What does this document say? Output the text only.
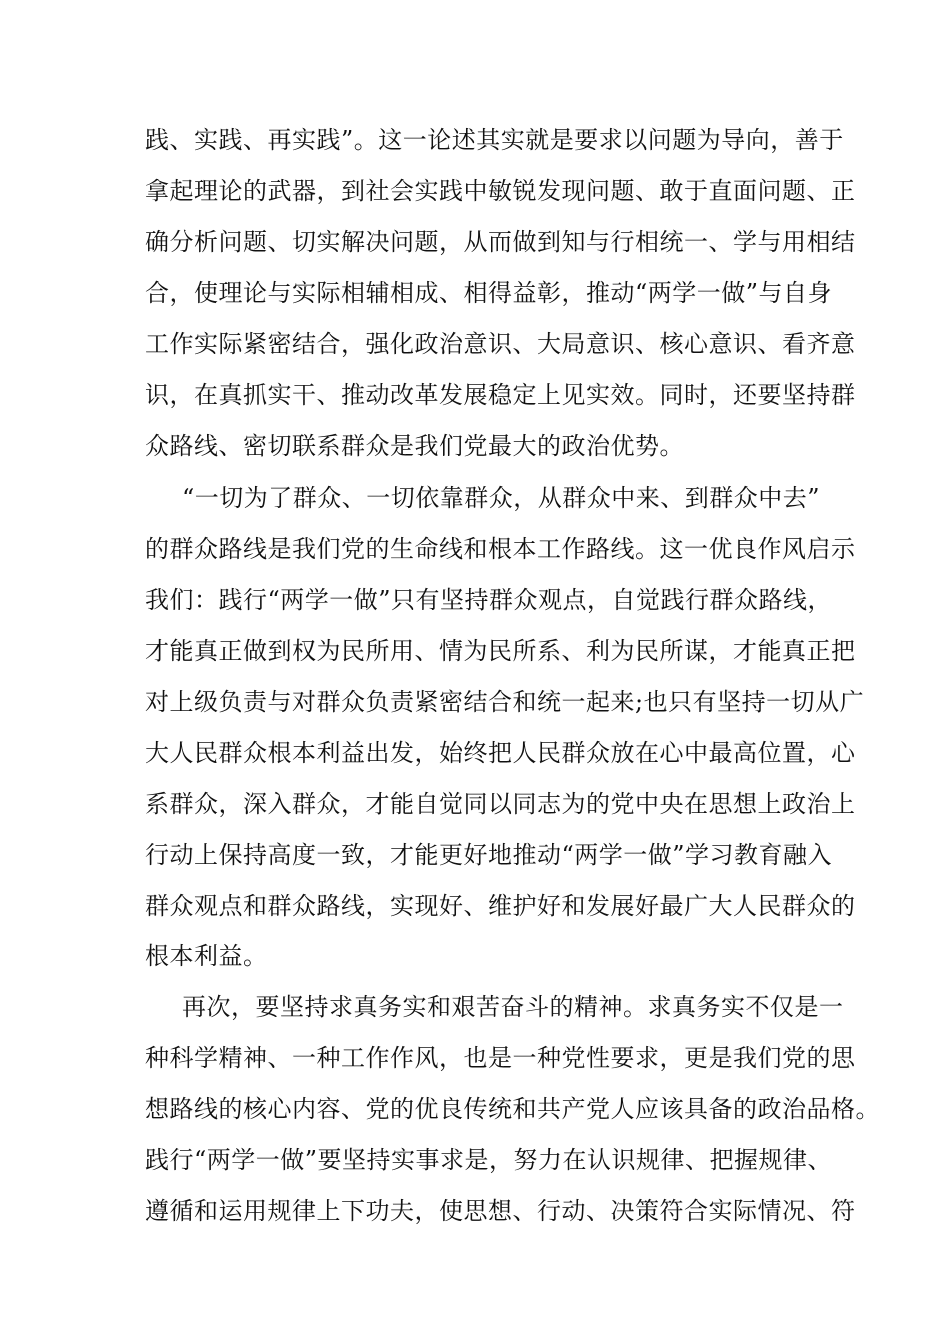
践、实践、再实践”。这一论述其实就是要求以问题为导向，善于
拿起理论的武器，到社会实践中敏锐发现问题、敢于直面问题、正
确分析问题、切实解决问题，从而做到知与行相统一、学与用相结
合，使理论与实际相辅相成、相得益彰，推动“两学一做”与自身
工作实际紧密结合，强化政治意识、大局意识、核心意识、看齐意
识，在真抓实干、推动改革发展稳定上见实效。同时，还要坚持群
众路线、密切联系群众是我们党最大的政治优势。
“一切为了群众、一切依靠群众，从群众中来、到群众中去”
的群众路线是我们党的生命线和根本工作路线。这一优良作风启示
我们：践行“两学一做”只有坚持群众观点，自觉践行群众路线，
才能真正做到权为民所用、情为民所系、利为民所谋，才能真正把
对上级负责与对群众负责紧密结合和统一起来;也只有坚持一切从广
大人民群众根本利益出发，始终把人民群众放在心中最高位置，心
系群众，深入群众，才能自觉同以同志为的党中央在思想上政治上
行动上保持高度一致，才能更好地推动“两学一做”学习教育融入
群众观点和群众路线，实现好、维护好和发展好最广大人民群众的
根本利益。
再次，要坚持求真务实和艰苦奋斗的精神。求真务实不仅是一
种科学精神、一种工作作风，也是一种党性要求，更是我们党的思
想路线的核心内容、党的优良传统和共产党人应该具备的政治品格。
践行“两学一做”要坚持实事求是，努力在认识规律、把握规律、
遵循和运用规律上下功夫，使思想、行动、决策符合实际情况、符
